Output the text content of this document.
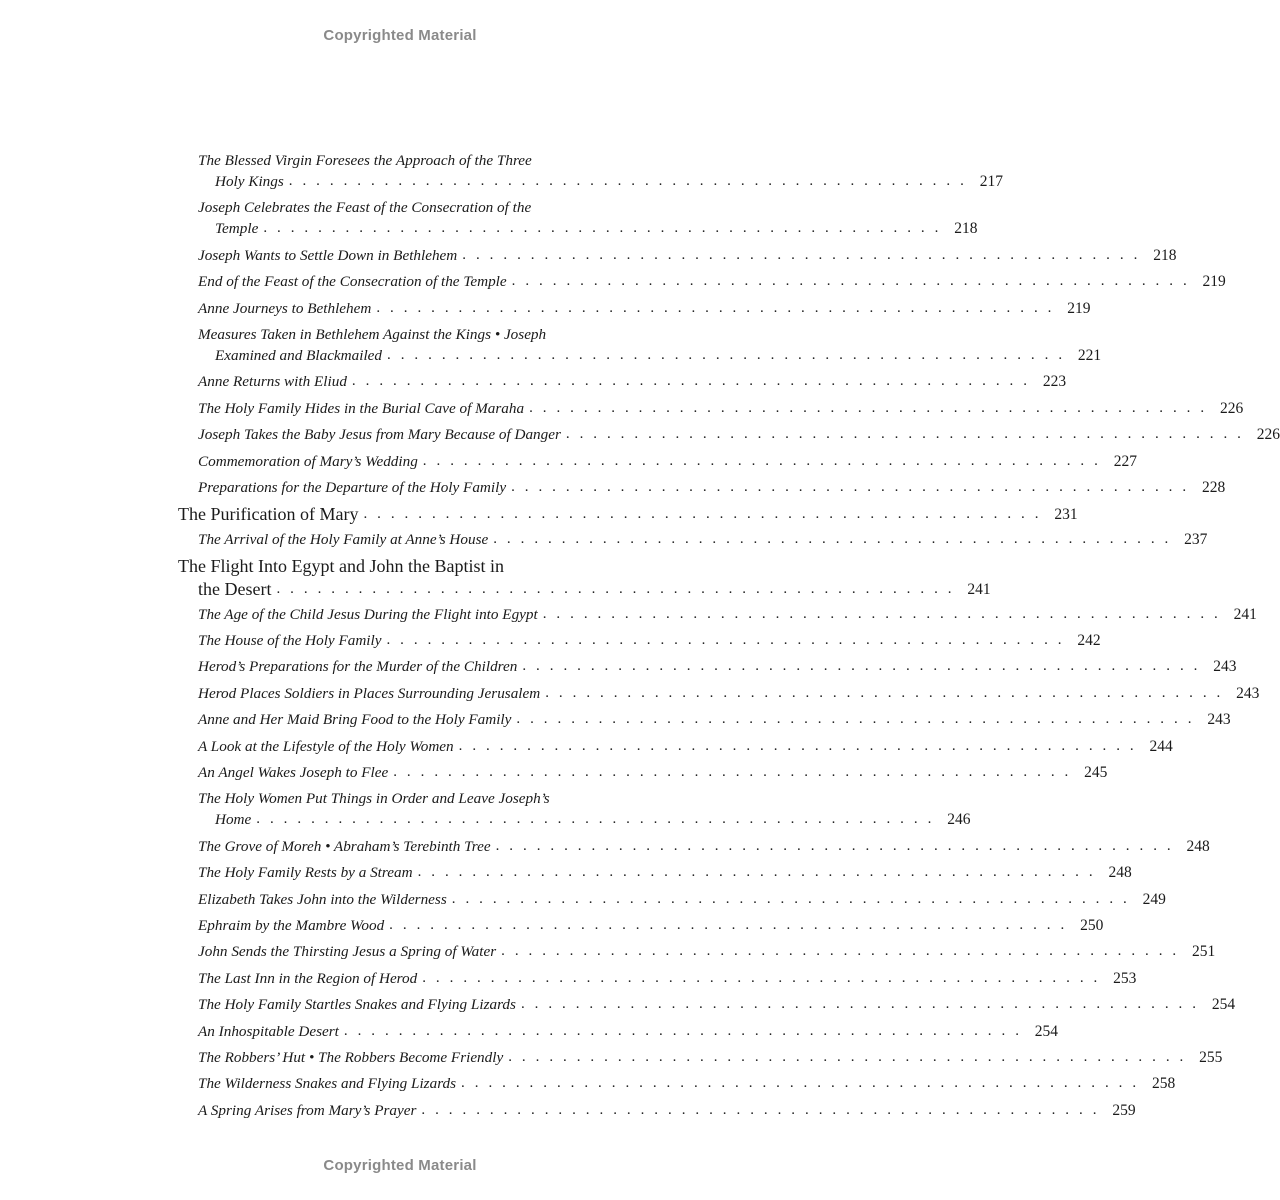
Copyrighted Material
The Blessed Virgin Foresees the Approach of the Three
Holy Kings . . . . . . . . . . . . . . . . . . . . . . . . . . . . . . . . . . . . . . . . . . . . . . . . . . 217
Joseph Celebrates the Feast of the Consecration of the
Temple . . . . . . . . . . . . . . . . . . . . . . . . . . . . . . . . . . . . . . . . . . . . . . . . . . 218
Joseph Wants to Settle Down in Bethlehem . . . . . . . . . . . . . . . . . . . . . . . . . . . . . . . . . . . . . . . . . . . . . . . . . . 218
End of the Feast of the Consecration of the Temple . . . . . . . . . . . . . . . . . . . . . . . . . . . . . . . . . . . . . . . . . . . . . . . . . . 219
Anne Journeys to Bethlehem . . . . . . . . . . . . . . . . . . . . . . . . . . . . . . . . . . . . . . . . . . . . . . . . . . 219
Measures Taken in Bethlehem Against the Kings • Joseph
Examined and Blackmailed . . . . . . . . . . . . . . . . . . . . . . . . . . . . . . . . . . . . . . . . . . . . . . . . . . 221
Anne Returns with Eliud . . . . . . . . . . . . . . . . . . . . . . . . . . . . . . . . . . . . . . . . . . . . . . . . . . 223
The Holy Family Hides in the Burial Cave of Maraha . . . . . . . . . . . . . . . . . . . . . . . . . . . . . . . . . . . . . . . . . . . . . . . . . . 226
Joseph Takes the Baby Jesus from Mary Because of Danger . . . . . . . . . . . . . . . . . . . . . . . . . . . . . . . . . . . . . . . . . . . . . . . . . . 226
Commemoration of Mary’s Wedding . . . . . . . . . . . . . . . . . . . . . . . . . . . . . . . . . . . . . . . . . . . . . . . . . . 227
Preparations for the Departure of the Holy Family . . . . . . . . . . . . . . . . . . . . . . . . . . . . . . . . . . . . . . . . . . . . . . . . . . 228
The Purification of Mary . . . . . . . . . . . . . . . . . . . . . . . . . . . . . . . . . . . . . . . . . . . . . . . . . . 231
The Arrival of the Holy Family at Anne’s House . . . . . . . . . . . . . . . . . . . . . . . . . . . . . . . . . . . . . . . . . . . . . . . . . . 237
The Flight Into Egypt and John the Baptist in
the Desert . . . . . . . . . . . . . . . . . . . . . . . . . . . . . . . . . . . . . . . . . . . . . . . . . . 241
The Age of the Child Jesus During the Flight into Egypt . . . . . . . . . . . . . . . . . . . . . . . . . . . . . . . . . . . . . . . . . . . . . . . . . . 241
The House of the Holy Family . . . . . . . . . . . . . . . . . . . . . . . . . . . . . . . . . . . . . . . . . . . . . . . . . . 242
Herod’s Preparations for the Murder of the Children . . . . . . . . . . . . . . . . . . . . . . . . . . . . . . . . . . . . . . . . . . . . . . . . . . 243
Herod Places Soldiers in Places Surrounding Jerusalem . . . . . . . . . . . . . . . . . . . . . . . . . . . . . . . . . . . . . . . . . . . . . . . . . . 243
Anne and Her Maid Bring Food to the Holy Family . . . . . . . . . . . . . . . . . . . . . . . . . . . . . . . . . . . . . . . . . . . . . . . . . . 243
A Look at the Lifestyle of the Holy Women . . . . . . . . . . . . . . . . . . . . . . . . . . . . . . . . . . . . . . . . . . . . . . . . . . 244
An Angel Wakes Joseph to Flee . . . . . . . . . . . . . . . . . . . . . . . . . . . . . . . . . . . . . . . . . . . . . . . . . . 245
The Holy Women Put Things in Order and Leave Joseph’s
Home . . . . . . . . . . . . . . . . . . . . . . . . . . . . . . . . . . . . . . . . . . . . . . . . . . 246
The Grove of Moreh • Abraham’s Terebinth Tree . . . . . . . . . . . . . . . . . . . . . . . . . . . . . . . . . . . . . . . . . . . . . . . . . . 248
The Holy Family Rests by a Stream . . . . . . . . . . . . . . . . . . . . . . . . . . . . . . . . . . . . . . . . . . . . . . . . . . 248
Elizabeth Takes John into the Wilderness . . . . . . . . . . . . . . . . . . . . . . . . . . . . . . . . . . . . . . . . . . . . . . . . . . 249
Ephraim by the Mambre Wood . . . . . . . . . . . . . . . . . . . . . . . . . . . . . . . . . . . . . . . . . . . . . . . . . . 250
John Sends the Thirsting Jesus a Spring of Water . . . . . . . . . . . . . . . . . . . . . . . . . . . . . . . . . . . . . . . . . . . . . . . . . . 251
The Last Inn in the Region of Herod . . . . . . . . . . . . . . . . . . . . . . . . . . . . . . . . . . . . . . . . . . . . . . . . . . 253
The Holy Family Startles Snakes and Flying Lizards . . . . . . . . . . . . . . . . . . . . . . . . . . . . . . . . . . . . . . . . . . . . . . . . . . 254
An Inhospitable Desert . . . . . . . . . . . . . . . . . . . . . . . . . . . . . . . . . . . . . . . . . . . . . . . . . . 254
The Robbers’ Hut • The Robbers Become Friendly . . . . . . . . . . . . . . . . . . . . . . . . . . . . . . . . . . . . . . . . . . . . . . . . . . 255
The Wilderness Snakes and Flying Lizards . . . . . . . . . . . . . . . . . . . . . . . . . . . . . . . . . . . . . . . . . . . . . . . . . . 258
A Spring Arises from Mary’s Prayer . . . . . . . . . . . . . . . . . . . . . . . . . . . . . . . . . . . . . . . . . . . . . . . . . . 259
Copyrighted Material
